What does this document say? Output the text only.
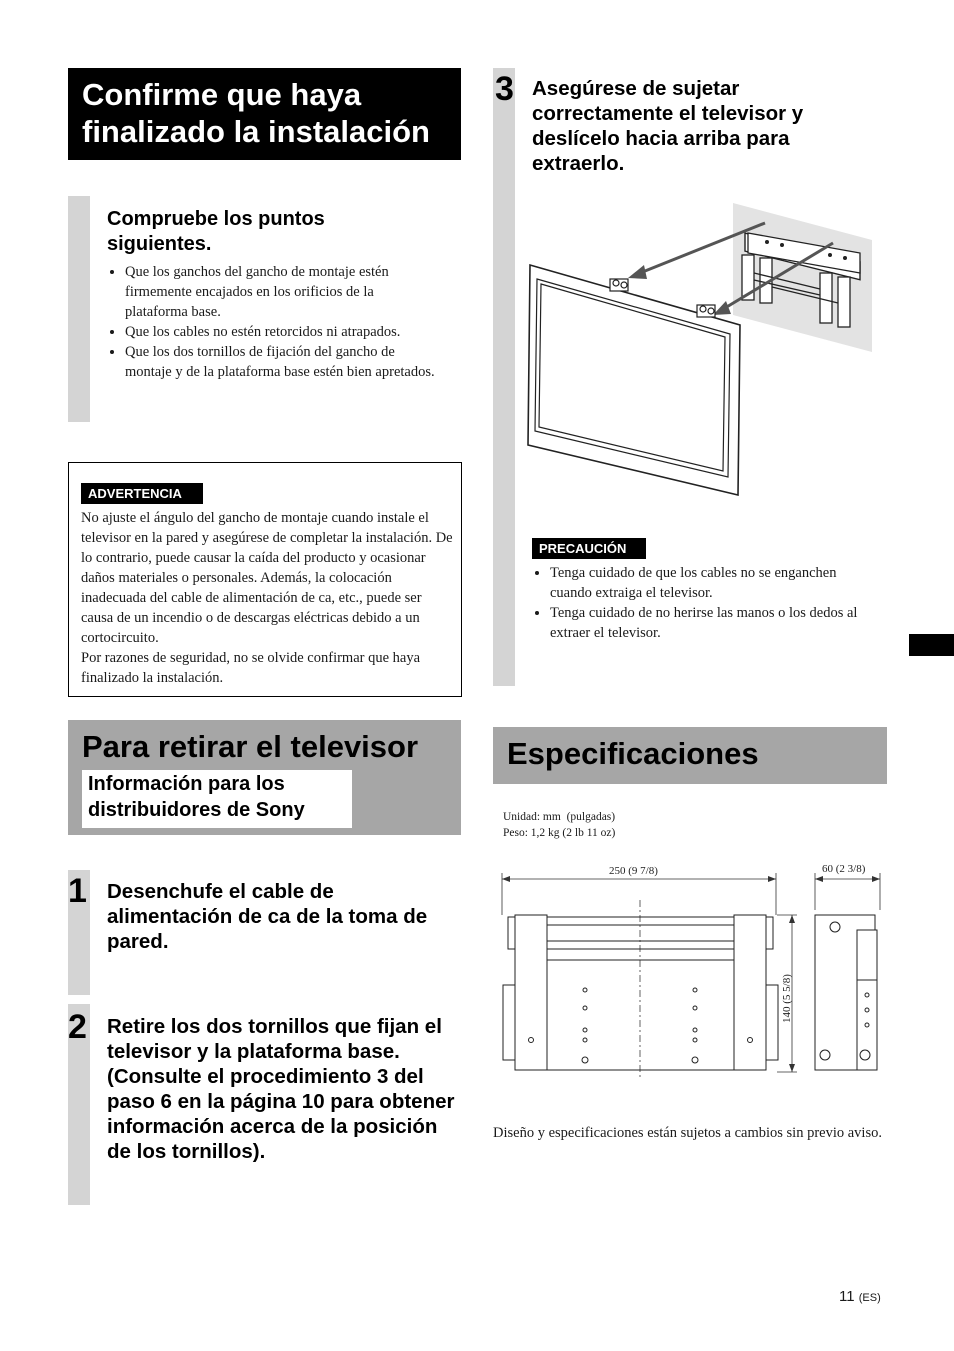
Confirme que haya finalizado la instalación
Compruebe los puntos siguientes.
• Que los ganchos del gancho de montaje estén firmemente encajados en los orificios de la plataforma base.
• Que los cables no estén retorcidos ni atrapados.
• Que los dos tornillos de fijación del gancho de montaje y de la plataforma base estén bien apretados.
ADVERTENCIA
No ajuste el ángulo del gancho de montaje cuando instale el televisor en la pared y asegúrese de completar la instalación. De lo contrario, puede causar la caída del producto y ocasionar daños materiales o personales. Además, la colocación inadecuada del cable de alimentación de ca, etc., puede ser causa de un incendio o de descargas eléctricas debido a un cortocircuito.
Por razones de seguridad, no se olvide confirmar que haya finalizado la instalación.
Para retirar el televisor
Información para los distribuidores de Sony
1 Desenchufe el cable de alimentación de ca de la toma de pared.
2 Retire los dos tornillos que fijan el televisor y la plataforma base. (Consulte el procedimiento 3 del paso 6 en la página 10 para obtener información acerca de la posición de los tornillos).
3 Asegúrese de sujetar correctamente el televisor y deslícelo hacia arriba para extraerlo.
PRECAUCIÓN
• Tenga cuidado de que los cables no se enganchen cuando extraiga el televisor.
• Tenga cuidado de no herirse las manos o los dedos al extraer el televisor.
Especificaciones
Unidad: mm  (pulgadas)
Peso: 1,2 kg (2 lb 11 oz)
250 (9 7/8)	60 (2 3/8)
140 (5 5/8)
Diseño y especificaciones están sujetos a cambios sin previo aviso.
11 (ES)
